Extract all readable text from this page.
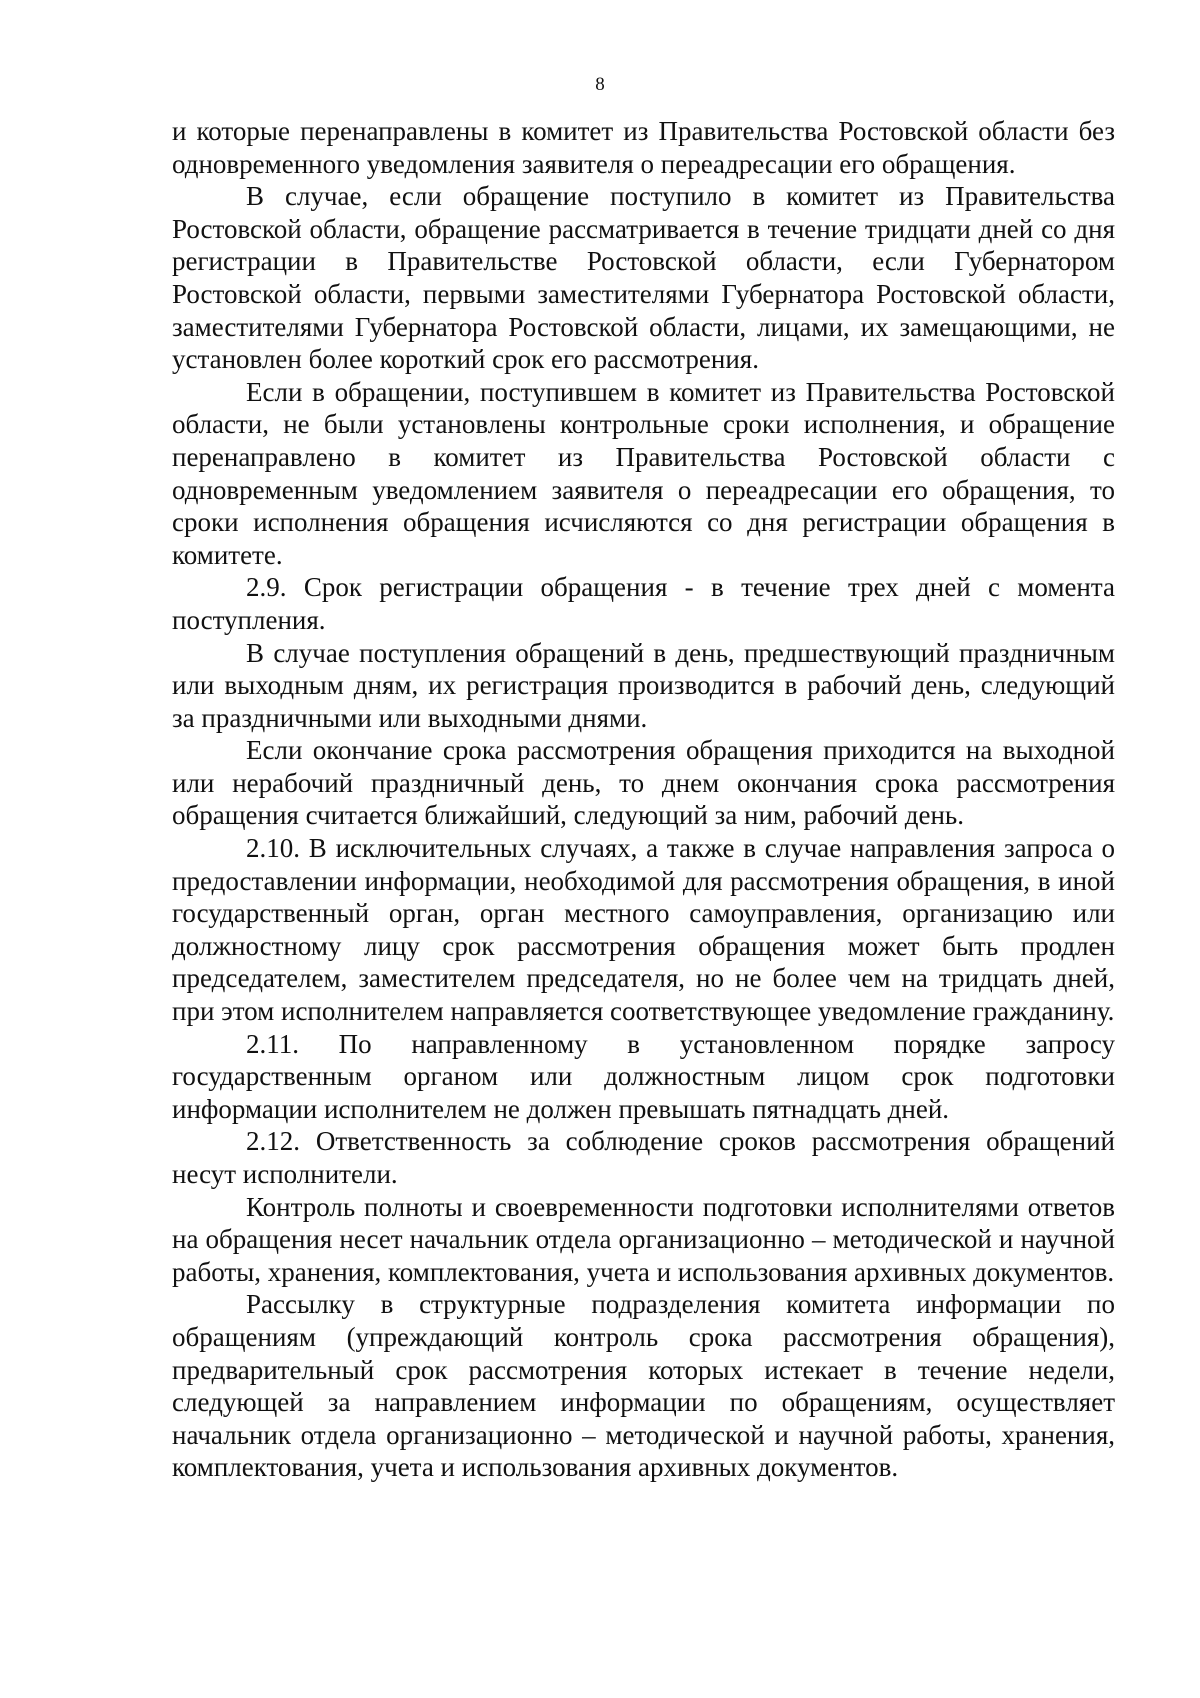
8

и которые перенаправлены в комитет из Правительства Ростовской области без одновременного уведомления заявителя о переадресации его обращения.

В случае, если обращение поступило в комитет из Правительства Ростовской области, обращение рассматривается в течение тридцати дней со дня регистрации в Правительстве Ростовской области, если Губернатором Ростовской области, первыми заместителями Губернатора Ростовской области, заместителями Губернатора Ростовской области, лицами, их замещающими, не установлен более короткий срок его рассмотрения.

Если в обращении, поступившем в комитет из Правительства Ростовской области, не были установлены контрольные сроки исполнения, и обращение перенаправлено в комитет из Правительства Ростовской области с одновременным уведомлением заявителя о переадресации его обращения, то сроки исполнения обращения исчисляются со дня регистрации обращения в комитете.

2.9. Срок регистрации обращения - в течение трех дней с момента поступления.

В случае поступления обращений в день, предшествующий праздничным или выходным дням, их регистрация производится в рабочий день, следующий за праздничными или выходными днями.

Если окончание срока рассмотрения обращения приходится на выходной или нерабочий праздничный день, то днем окончания срока рассмотрения обращения считается ближайший, следующий за ним, рабочий день.

2.10. В исключительных случаях, а также в случае направления запроса о предоставлении информации, необходимой для рассмотрения обращения, в иной государственный орган, орган местного самоуправления, организацию или должностному лицу срок рассмотрения обращения может быть продлен председателем, заместителем председателя, но не более чем на тридцать дней, при этом исполнителем направляется соответствующее уведомление гражданину.

2.11. По направленному в установленном порядке запросу государственным органом или должностным лицом срок подготовки информации исполнителем не должен превышать пятнадцать дней.

2.12. Ответственность за соблюдение сроков рассмотрения обращений несут исполнители.

Контроль полноты и своевременности подготовки исполнителями ответов на обращения несет начальник отдела организационно – методической и научной работы, хранения, комплектования, учета и использования архивных документов.

Рассылку в структурные подразделения комитета информации по обращениям (упреждающий контроль срока рассмотрения обращения), предварительный срок рассмотрения которых истекает в течение недели, следующей за направлением информации по обращениям, осуществляет начальник отдела организационно – методической и научной работы, хранения, комплектования, учета и использования архивных документов.
